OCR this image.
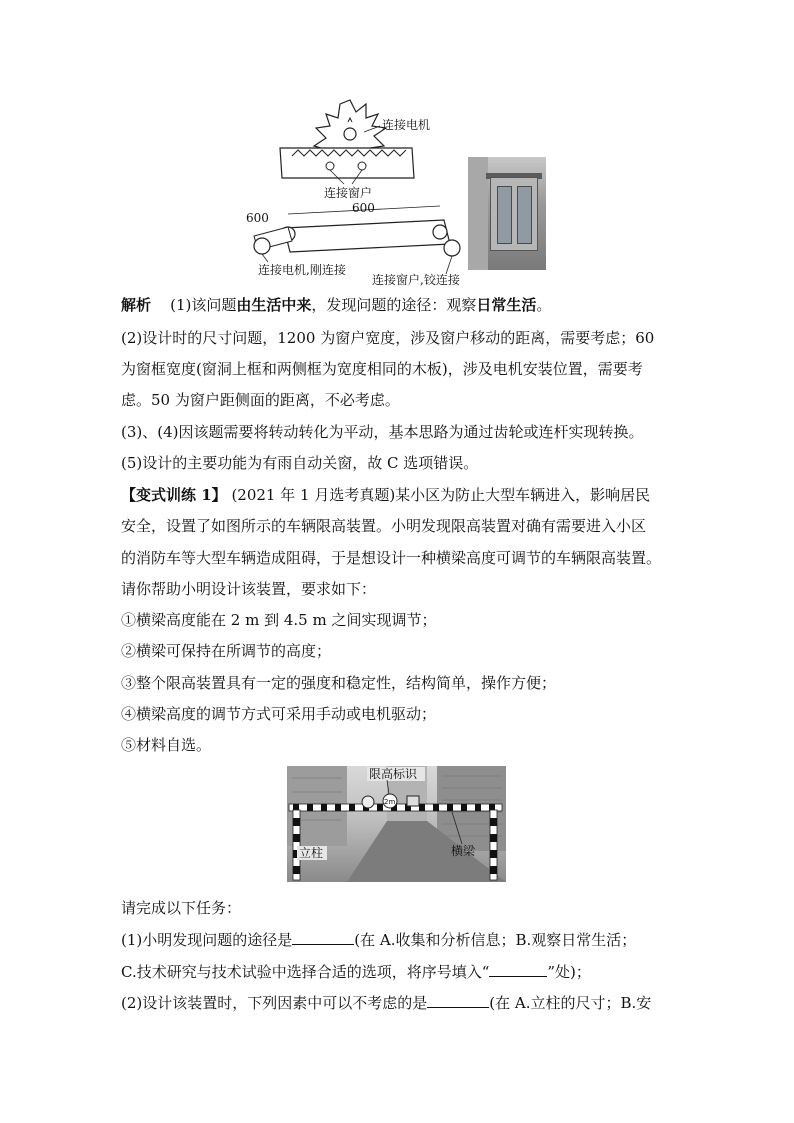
连接电机
连接窗户
600
600
连接电机,刚连接
连接窗户,铰连接
解析 (1)该问题由生活中来，发现问题的途径：观察日常生活。
(2)设计时的尺寸问题，1200 为窗户宽度，涉及窗户移动的距离，需要考虑；60
为窗框宽度(窗洞上框和两侧框为宽度相同的木板)，涉及电机安装位置，需要考
虑。50 为窗户距侧面的距离，不必考虑。
(3)、(4)因该题需要将转动转化为平动，基本思路为通过齿轮或连杆实现转换。
(5)设计的主要功能为有雨自动关窗，故 C 选项错误。
【变式训练 1】 (2021 年 1 月选考真题)某小区为防止大型车辆进入，影响居民
安全，设置了如图所示的车辆限高装置。小明发现限高装置对确有需要进入小区
的消防车等大型车辆造成阻碍，于是想设计一种横梁高度可调节的车辆限高装置。
请你帮助小明设计该装置，要求如下：
①横梁高度能在 2 m 到 4.5 m 之间实现调节；
②横梁可保持在所调节的高度；
③整个限高装置具有一定的强度和稳定性，结构简单，操作方便；
④横梁高度的调节方式可采用手动或电机驱动；
⑤材料自选。
2m
限高标识
立柱	横梁
请完成以下任务：
(1)小明发现问题的途径是	(在 A.收集和分析信息；B.观察日常生活；
C.技术研究与技术试验中选择合适的选项，将序号填入“	”处)；
(2)设计该装置时，下列因素中可以不考虑的是	(在 A.立柱的尺寸；B.安
